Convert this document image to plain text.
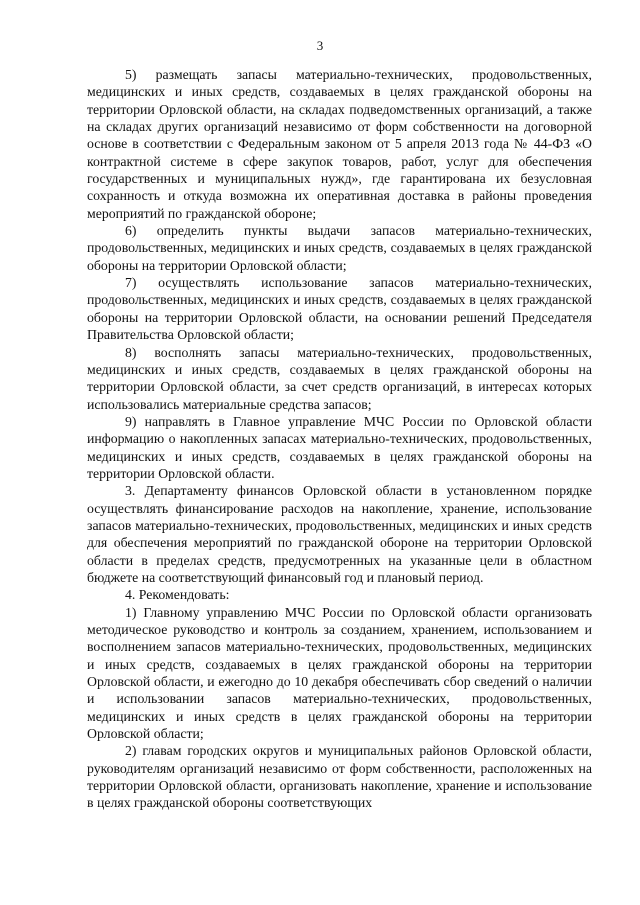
3

5) размещать запасы материально-технических, продовольственных, медицинских и иных средств, создаваемых в целях гражданской обороны на территории Орловской области, на складах подведомственных организаций, а также на складах других организаций независимо от форм собственности на договорной основе в соответствии с Федеральным законом от 5 апреля 2013 года № 44-ФЗ «О контрактной системе в сфере закупок товаров, работ, услуг для обеспечения государственных и муниципальных нужд», где гарантирована их безусловная сохранность и откуда возможна их оперативная доставка в районы проведения мероприятий по гражданской обороне;

6) определить пункты выдачи запасов материально-технических, продовольственных, медицинских и иных средств, создаваемых в целях гражданской обороны на территории Орловской области;

7) осуществлять использование запасов материально-технических, продовольственных, медицинских и иных средств, создаваемых в целях гражданской обороны на территории Орловской области, на основании решений Председателя Правительства Орловской области;

8) восполнять запасы материально-технических, продовольственных, медицинских и иных средств, создаваемых в целях гражданской обороны на территории Орловской области, за счет средств организаций, в интересах которых использовались материальные средства запасов;

9) направлять в Главное управление МЧС России по Орловской области информацию о накопленных запасах материально-технических, продовольственных, медицинских и иных средств, создаваемых в целях гражданской обороны на территории Орловской области.

3. Департаменту финансов Орловской области в установленном порядке осуществлять финансирование расходов на накопление, хранение, использование запасов материально-технических, продовольственных, медицинских и иных средств для обеспечения мероприятий по гражданской обороне на территории Орловской области в пределах средств, предусмотренных на указанные цели в областном бюджете на соответствующий финансовый год и плановый период.

4. Рекомендовать:

1) Главному управлению МЧС России по Орловской области организовать методическое руководство и контроль за созданием, хранением, использованием и восполнением запасов материально-технических, продовольственных, медицинских и иных средств, создаваемых в целях гражданской обороны на территории Орловской области, и ежегодно до 10 декабря обеспечивать сбор сведений о наличии и использовании запасов материально-технических, продовольственных, медицинских и иных средств в целях гражданской обороны на территории Орловской области;

2) главам городских округов и муниципальных районов Орловской области, руководителям организаций независимо от форм собственности, расположенных на территории Орловской области, организовать накопление, хранение и использование в целях гражданской обороны соответствующих
